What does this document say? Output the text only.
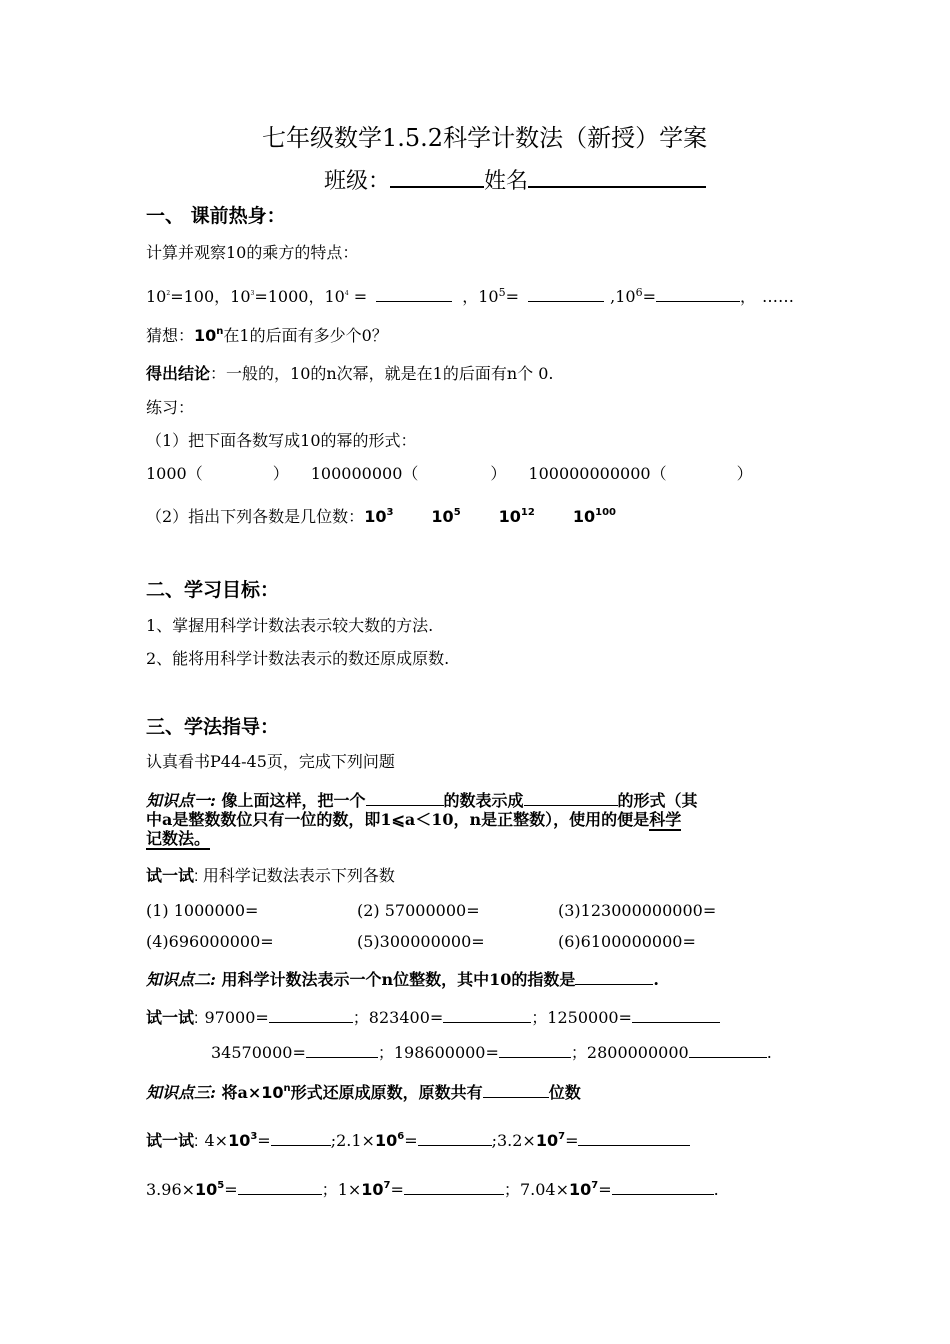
七年级数学1.5.2科学计数法（新授）学案
班级：	姓名
一、 课前热身：
计算并观察10的乘方的特点：
$10^2=100$，$10^3=1000$，$10^4$ =	，$10^5=$	$,10^6=$	， ……
猜想：10$^n$在1的后面有多少个0？
得出结论：一般的，10的n次幂，就是在1的后面有n个 0.
练习：
（1）把下面各数写成10的幂的形式：
1000（	） 100000000（	） 100000000000（	）
（2）指出下列各数是几位数：$10^3$ $10^5$ $10^{12}$ $10^{100}$
二、学习目标：
1、掌握用科学计数法表示较大数的方法.
2、能将用科学计数法表示的数还原成原数.
三、学法指导：
认真看书P44-45页，完成下列问题
知识点一: 像上面这样，把一个	的数表示成	的形式（其
中a是整数数位只有一位的数，即1⩽a＜10，n是正整数），使用的便是科学
记数法。
试一试: 用科学记数法表示下列各数
(1) 1000000=	(2) 57000000=	(3)123000000000=
(4)696000000=	(5)300000000=	(6)6100000000=
知识点二: 用科学计数法表示一个n位整数，其中10的指数是	.
试一试: 97000=	；823400=	；1250000=
34570000=	；198600000=	；2800000000	.
知识点三: 将$a\times 10^n$形式还原成原数，原数共有	位数
试一试: $4\times 10^3=$	$;2.1\times 10^6=$	$;3.2\times 10^7=$
$3.96\times 10^5=$	；$1\times 10^7=$	；$7.04\times 10^7=$	.
